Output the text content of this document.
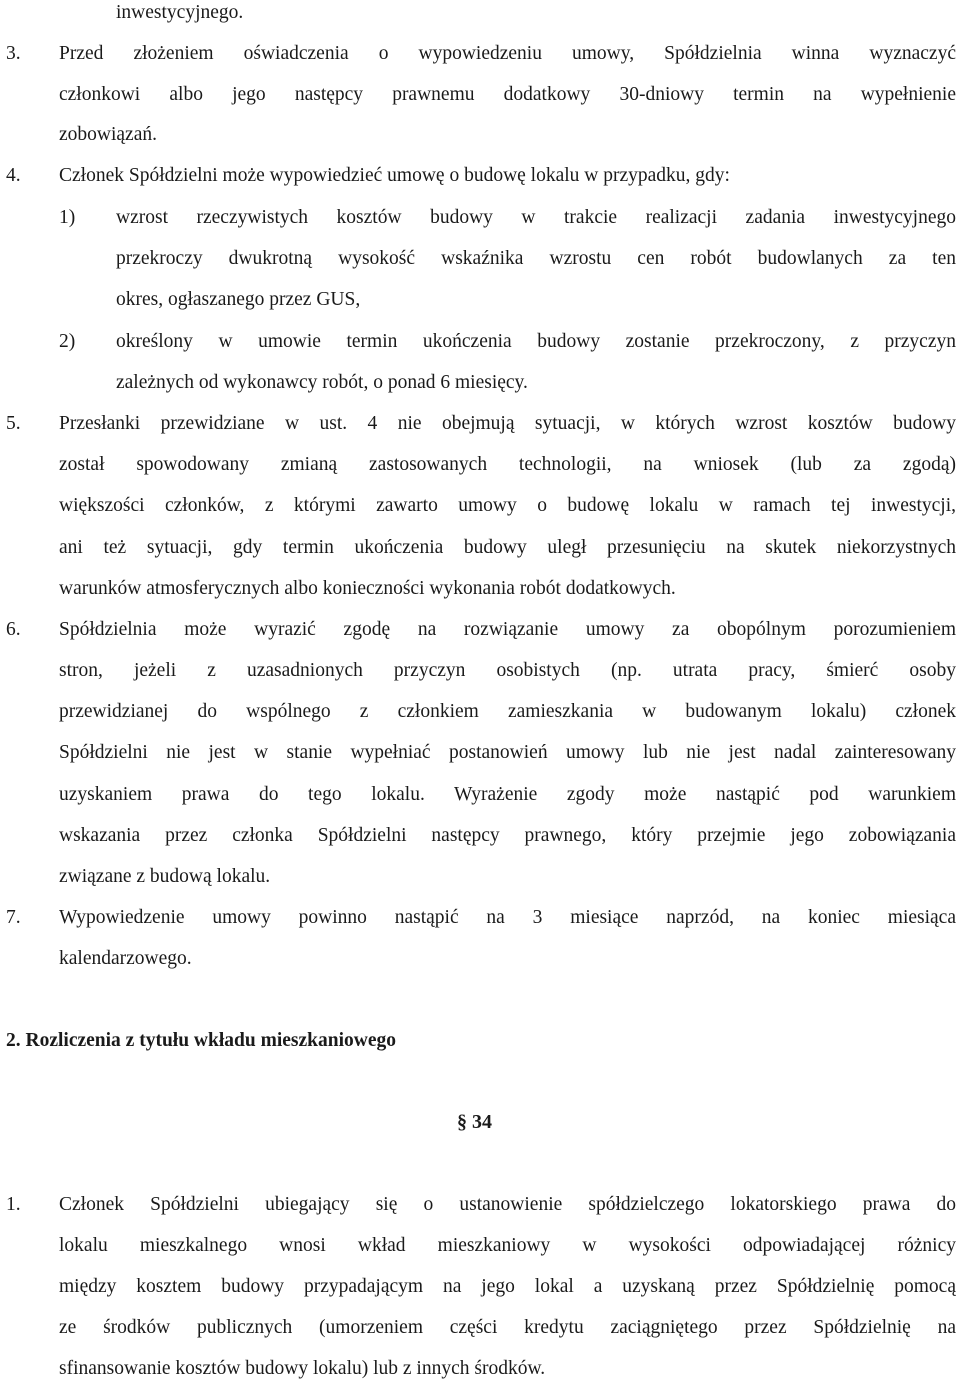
inwestycyjnego.
3. Przed złożeniem oświadczenia o wypowiedzeniu umowy, Spółdzielnia winna wyznaczyć
członkowi albo jego następcy prawnemu dodatkowy 30-dniowy termin na wypełnienie
zobowiązań.
4. Członek Spółdzielni może wypowiedzieć umowę o budowę lokalu w przypadku, gdy:
1) wzrost rzeczywistych kosztów budowy w trakcie realizacji zadania inwestycyjnego
przekroczy dwukrotną wysokość wskaźnika wzrostu cen robót budowlanych za ten
okres, ogłaszanego przez GUS,
2) określony w umowie termin ukończenia budowy zostanie przekroczony, z przyczyn
zależnych od wykonawcy robót, o ponad 6 miesięcy.
5. Przesłanki przewidziane w ust. 4 nie obejmują sytuacji, w których wzrost kosztów budowy
został spowodowany zmianą zastosowanych technologii, na wniosek (lub za zgodą)
większości członków, z którymi zawarto umowy o budowę lokalu w ramach tej inwestycji,
ani też sytuacji, gdy termin ukończenia budowy uległ przesunięciu na skutek niekorzystnych
warunków atmosferycznych albo konieczności wykonania robót dodatkowych.
6. Spółdzielnia może wyrazić zgodę na rozwiązanie umowy za obopólnym porozumieniem
stron, jeżeli z uzasadnionych przyczyn osobistych (np. utrata pracy, śmierć osoby
przewidzianej do wspólnego z członkiem zamieszkania w budowanym lokalu) członek
Spółdzielni nie jest w stanie wypełniać postanowień umowy lub nie jest nadal zainteresowany
uzyskaniem prawa do tego lokalu. Wyrażenie zgody może nastąpić pod warunkiem
wskazania przez członka Spółdzielni następcy prawnego, który przejmie jego zobowiązania
związane z budową lokalu.
7. Wypowiedzenie umowy powinno nastąpić na 3 miesiące naprzód, na koniec miesiąca
kalendarzowego.
2. Rozliczenia z tytułu wkładu mieszkaniowego
§ 34
1. Członek Spółdzielni ubiegający się o ustanowienie spółdzielczego lokatorskiego prawa do
lokalu mieszkalnego wnosi wkład mieszkaniowy w wysokości odpowiadającej różnicy
między kosztem budowy przypadającym na jego lokal a uzyskaną przez Spółdzielnię pomocą
ze środków publicznych (umorzeniem części kredytu zaciągniętego przez Spółdzielnię na
sfinansowanie kosztów budowy lokalu) lub z innych środków.
